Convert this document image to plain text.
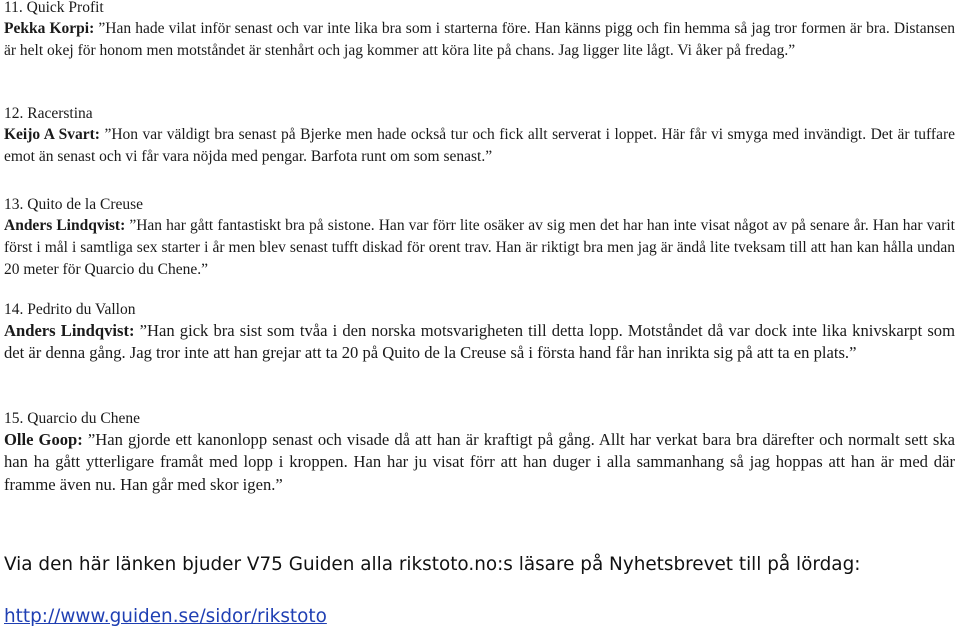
11. Quick Profit

Pekka Korpi: ”Han hade vilat inför senast och var inte lika bra som i starterna före. Han känns pigg och fin hemma så jag tror formen är bra. Distansen är helt okej för honom men motståndet är stenhårt och jag kommer att köra lite på chans. Jag ligger lite lågt. Vi åker på fredag.”

12. Racerstina

Keijo A Svart: ”Hon var väldigt bra senast på Bjerke men hade också tur och fick allt serverat i loppet. Här får vi smyga med invändigt. Det är tuffare emot än senast och vi får vara nöjda med pengar. Barfota runt om som senast.”

13. Quito de la Creuse

Anders Lindqvist: ”Han har gått fantastiskt bra på sistone. Han var förr lite osäker av sig men det har han inte visat något av på senare år. Han har varit först i mål i samtliga sex starter i år men blev senast tufft diskad för orent trav. Han är riktigt bra men jag är ändå lite tveksam till att han kan hålla undan 20 meter för Quarcio du Chene.”

14. Pedrito du Vallon

Anders Lindqvist: ”Han gick bra sist som tvåa i den norska motsvarigheten till detta lopp. Motståndet då var dock inte lika knivskarpt som det är denna gång. Jag tror inte att han grejar att ta 20 på Quito de la Creuse så i första hand får han inrikta sig på att ta en plats.”

15. Quarcio du Chene

Olle Goop: ”Han gjorde ett kanonlopp senast och visade då att han är kraftigt på gång. Allt har verkat bara bra därefter och normalt sett ska han ha gått ytterligare framåt med lopp i kroppen. Han har ju visat förr att han duger i alla sammanhang så jag hoppas att han är med där framme även nu. Han går med skor igen.”

Via den här länken bjuder V75 Guiden alla rikstoto.no:s läsare på Nyhetsbrevet till på lördag:

http://www.guiden.se/sidor/rikstoto
